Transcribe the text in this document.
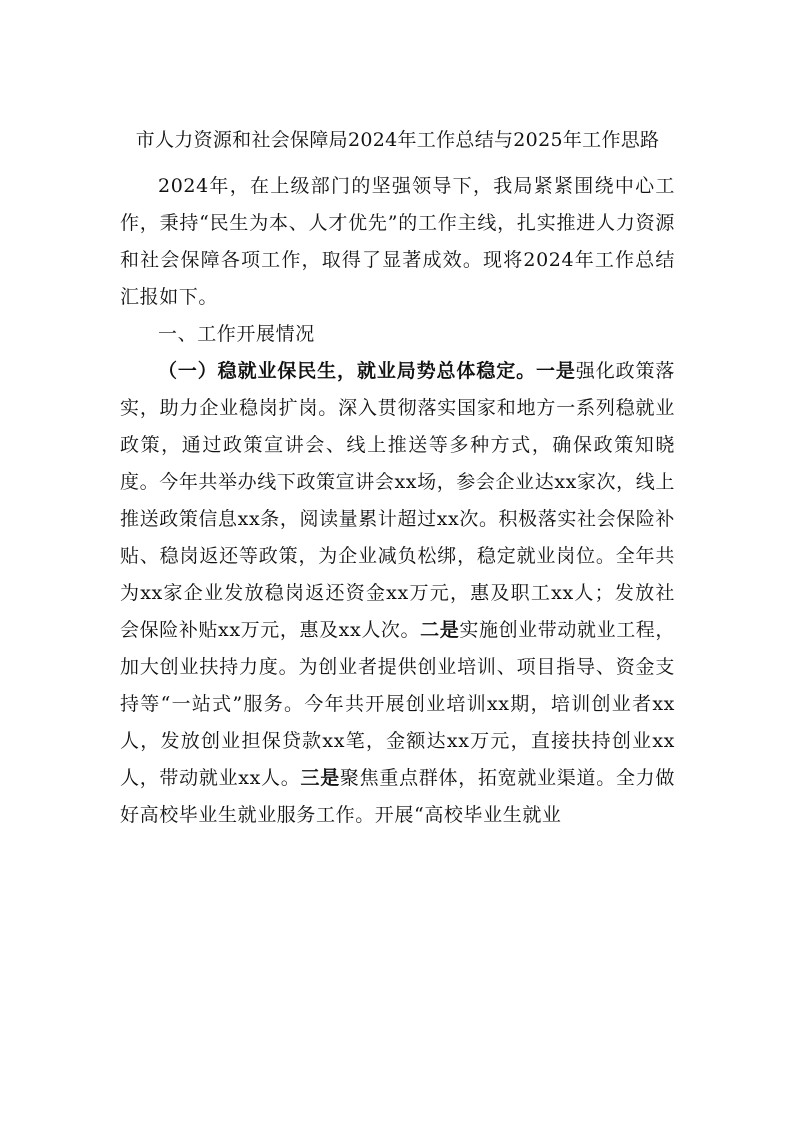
市人力资源和社会保障局2024年工作总结与2025年工作思路

2024年，在上级部门的坚强领导下，我局紧紧围绕中心工作，秉持“民生为本、人才优先”的工作主线，扎实推进人力资源和社会保障各项工作，取得了显著成效。现将2024年工作总结汇报如下。

一、工作开展情况

（一）稳就业保民生，就业局势总体稳定。一是强化政策落实，助力企业稳岗扩岗。深入贯彻落实国家和地方一系列稳就业政策，通过政策宣讲会、线上推送等多种方式，确保政策知晓度。今年共举办线下政策宣讲会xx场，参会企业达xx家次，线上推送政策信息xx条，阅读量累计超过xx次。积极落实社会保险补贴、稳岗返还等政策，为企业减负松绑，稳定就业岗位。全年共为xx家企业发放稳岗返还资金xx万元，惠及职工xx人；发放社会保险补贴xx万元，惠及xx人次。二是实施创业带动就业工程，加大创业扶持力度。为创业者提供创业培训、项目指导、资金支持等“一站式”服务。今年共开展创业培训xx期，培训创业者xx人，发放创业担保贷款xx笔，金额达xx万元，直接扶持创业xx人，带动就业xx人。三是聚焦重点群体，拓宽就业渠道。全力做好高校毕业生就业服务工作。开展“高校毕业生就业
